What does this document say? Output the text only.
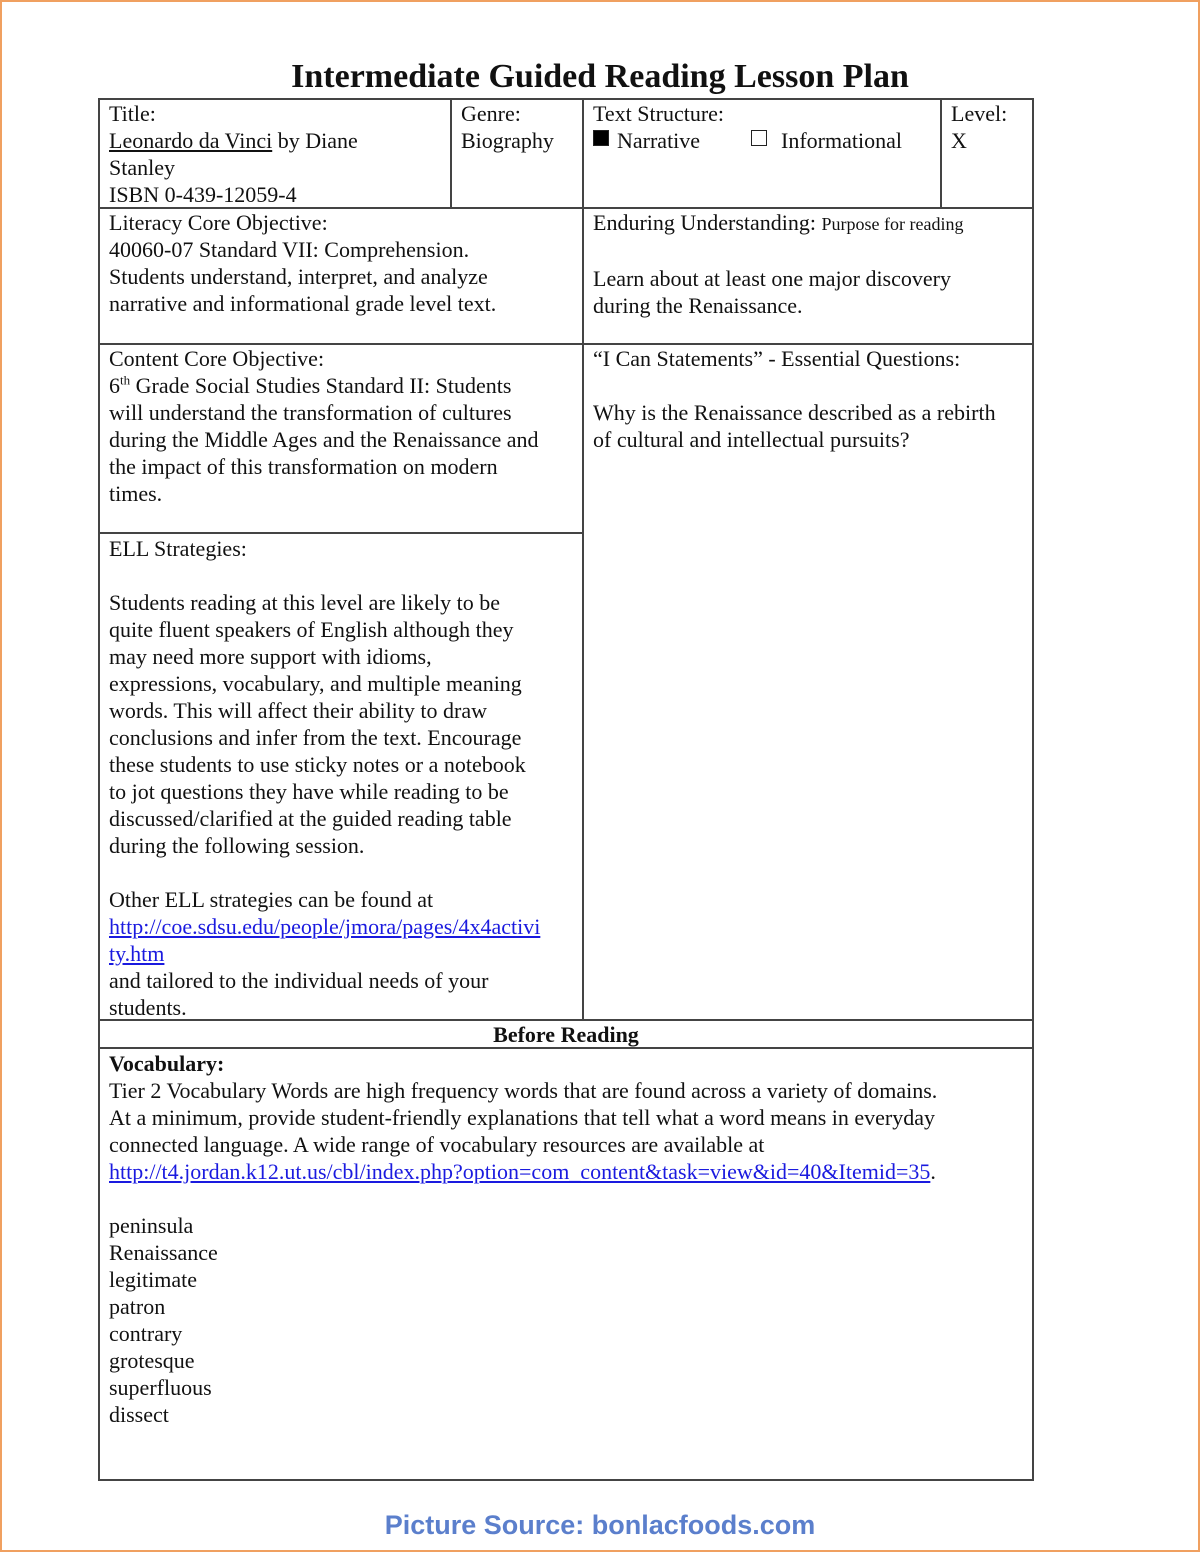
Intermediate Guided Reading Lesson Plan
Title:
Leonardo da Vinci by Diane
Stanley
ISBN 0-439-12059-4
Genre:
Biography
Text Structure:
Narrative	Informational
Level:
X
Literacy Core Objective:
40060-07 Standard VII: Comprehension.
Students understand, interpret, and analyze
narrative and informational grade level text.
Enduring Understanding: Purpose for reading
Learn about at least one major discovery
during the Renaissance.
Content Core Objective:
6th Grade Social Studies Standard II: Students
will understand the transformation of cultures
during the Middle Ages and the Renaissance and
the impact of this transformation on modern
times.
“I Can Statements” - Essential Questions:
Why is the Renaissance described as a rebirth
of cultural and intellectual pursuits?
ELL Strategies:
Students reading at this level are likely to be
quite fluent speakers of English although they
may need more support with idioms,
expressions, vocabulary, and multiple meaning
words. This will affect their ability to draw
conclusions and infer from the text. Encourage
these students to use sticky notes or a notebook
to jot questions they have while reading to be
discussed/clarified at the guided reading table
during the following session.
Other ELL strategies can be found at
http://coe.sdsu.edu/people/jmora/pages/4x4activi
ty.htm
and tailored to the individual needs of your
students.
Before Reading
Vocabulary:
Tier 2 Vocabulary Words are high frequency words that are found across a variety of domains.
At a minimum, provide student-friendly explanations that tell what a word means in everyday
connected language. A wide range of vocabulary resources are available at
http://t4.jordan.k12.ut.us/cbl/index.php?option=com_content&task=view&id=40&Itemid=35.
peninsula
Renaissance
legitimate
patron
contrary
grotesque
superfluous
dissect
Picture Source: bonlacfoods.com
